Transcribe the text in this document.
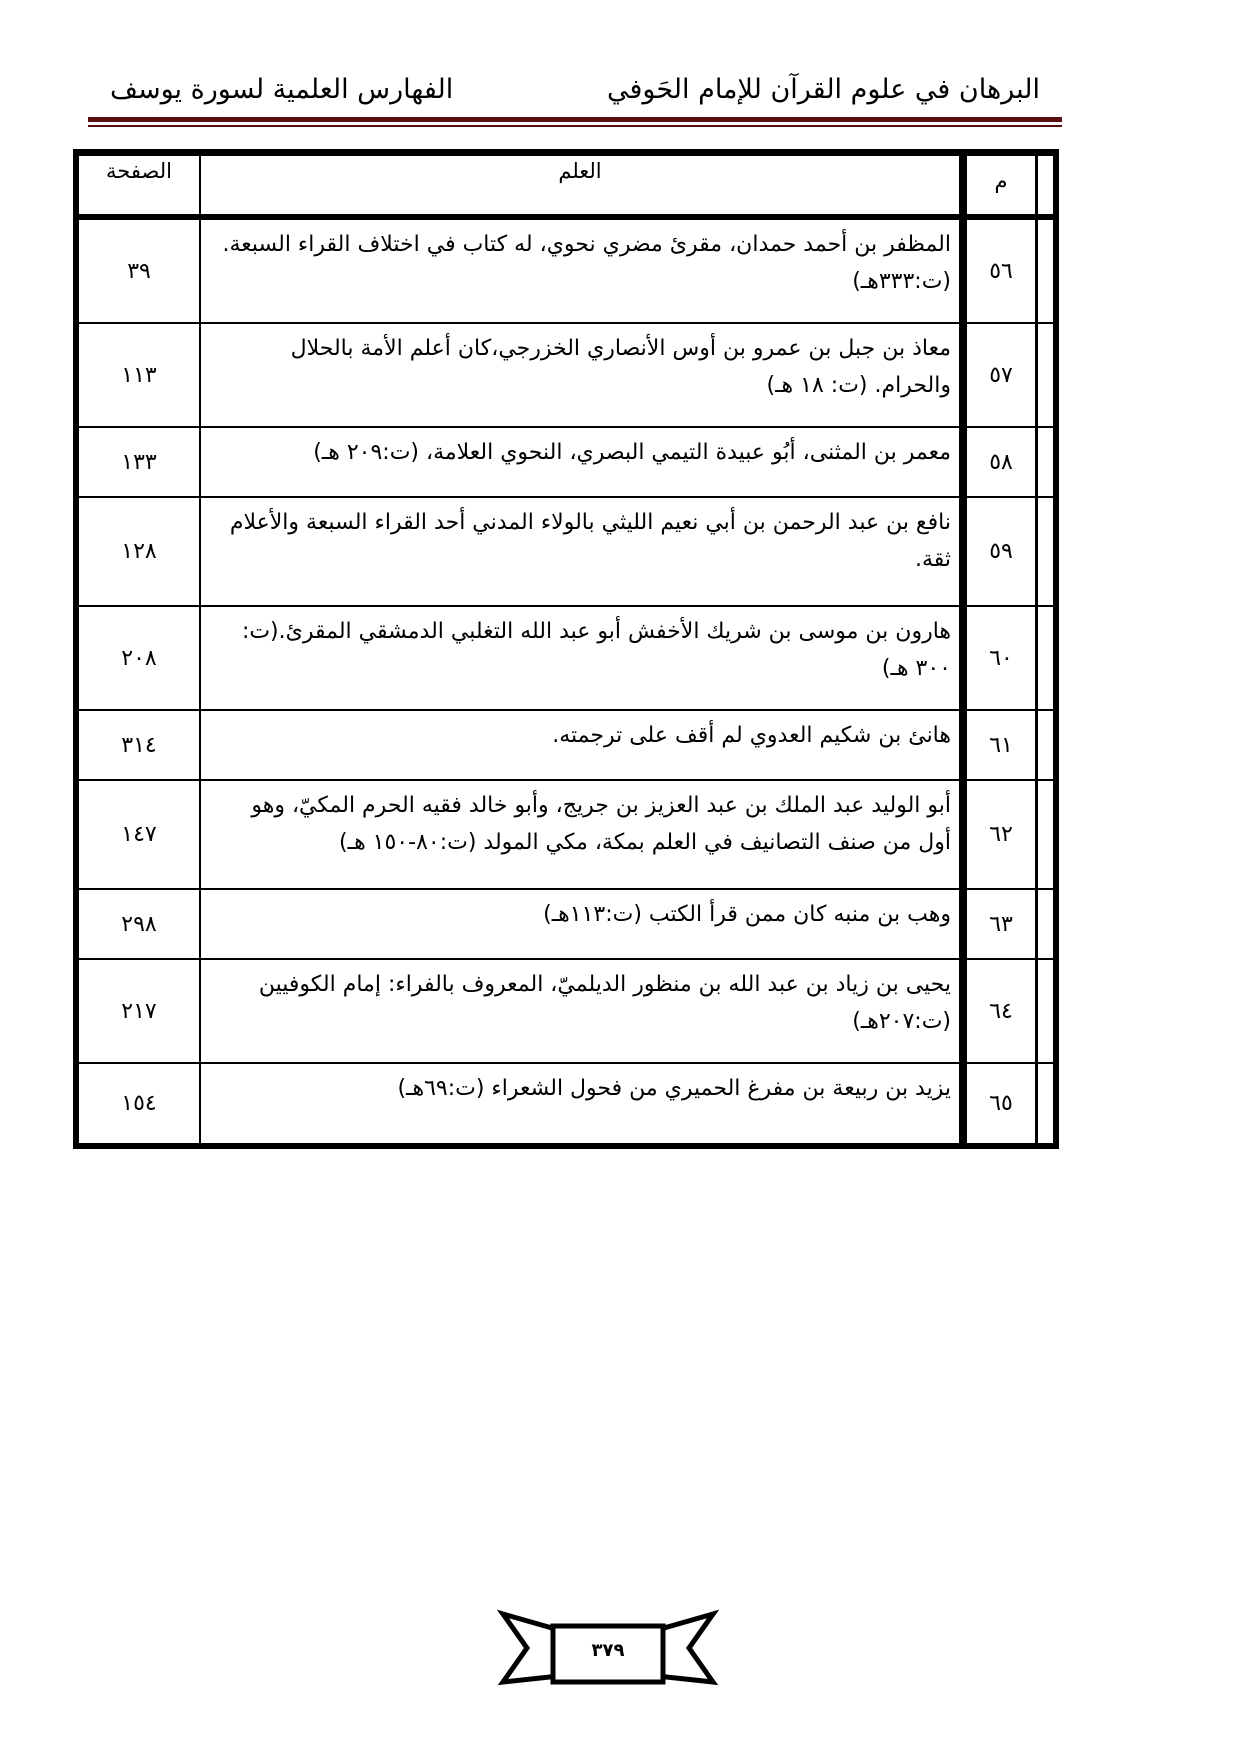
البرهان في علوم القرآن للإمام الحَوفي
الفهارس العلمية لسورة يوسف
الصفحة	العلم	م
٥٦
المظفر بن أحمد حمدان، مقرئ مضري نحوي، له كتاب في اختلاف القراء السبعة. (ت:٣٣٣هـ)
٣٩
٥٧
معاذ بن جبل بن عمرو بن أوس الأنصاري الخزرجي،كان أعلم الأمة بالحلال والحرام. (ت: ١٨ هـ)
١١٣
٥٨
معمر بن المثنى، أبُو عبيدة التيمي البصري، النحوي العلامة، (ت:٢٠٩ هـ)
١٣٣
٥٩
نافع بن عبد الرحمن بن أبي نعيم الليثي بالولاء المدني أحد القراء السبعة والأعلام ثقة.
١٢٨
٦٠
هارون بن موسى بن شريك الأخفش أبو عبد الله التغلبي الدمشقي المقرئ.(ت: ٣٠٠ هـ)
٢٠٨
٦١
هانئ بن شكيم العدوي لم أقف على ترجمته.
٣١٤
٦٢
أبو الوليد عبد الملك بن عبد العزيز بن جريج، وأبو خالد فقيه الحرم المكيّ، وهو أول من صنف التصانيف في العلم بمكة، مكي المولد (ت:٨٠-١٥٠ هـ)
١٤٧
٦٣
وهب بن منبه كان ممن قرأ الكتب (ت:١١٣هـ)
٢٩٨
٦٤
يحيى بن زياد بن عبد الله بن منظور الديلميّ، المعروف بالفراء: إمام الكوفيين (ت:٢٠٧هـ)
٢١٧
٦٥
يزيد بن ربيعة بن مفرغ الحميري من فحول الشعراء (ت:٦٩هـ)
١٥٤
٣٧٩
